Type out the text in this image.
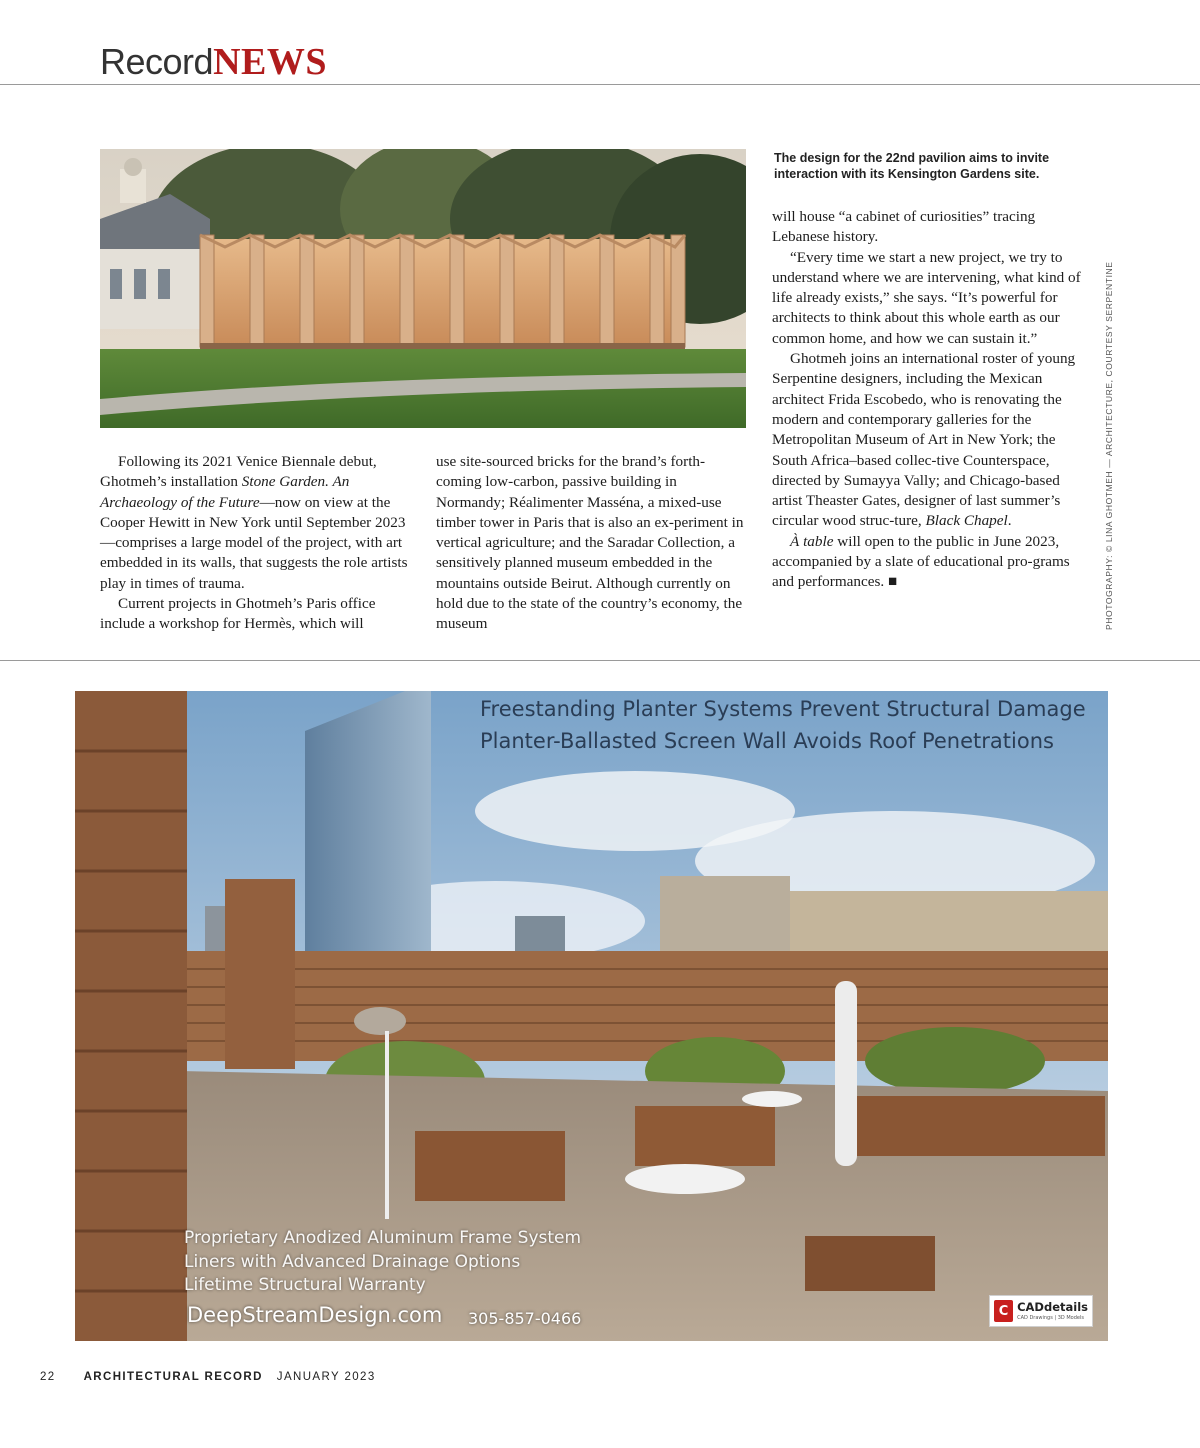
RecordNEWS
The design for the 22nd pavilion aims to invite interaction with its Kensington Gardens site.
PHOTOGRAPHY: © LINA GHOTMEH — ARCHITECTURE, COURTESY SERPENTINE

Following its 2021 Venice Biennale debut, Ghotmeh’s installation Stone Garden. An Archaeology of the Future—now on view at the Cooper Hewitt in New York until September 2023—comprises a large model of the project, with art embedded in its walls, that suggests the role artists play in times of trauma.

Current projects in Ghotmeh’s Paris office include a workshop for Hermès, which will

use site-sourced bricks for the brand’s forth-coming low-carbon, passive building in Normandy; Réalimenter Masséna, a mixed-use timber tower in Paris that is also an ex-periment in vertical agriculture; and the Saradar Collection, a sensitively planned museum embedded in the mountains outside Beirut. Although currently on hold due to the state of the country’s economy, the museum

will house “a cabinet of curiosities” tracing Lebanese history.

“Every time we start a new project, we try to understand where we are intervening, what kind of life already exists,” she says. “It’s powerful for architects to think about this whole earth as our common home, and how we can sustain it.”

Ghotmeh joins an international roster of young Serpentine designers, including the Mexican architect Frida Escobedo, who is renovating the modern and contemporary galleries for the Metropolitan Museum of Art in New York; the South Africa–based collec-tive Counterspace, directed by Sumayya Vally; and Chicago-based artist Theaster Gates, designer of last summer’s circular wood struc-ture, Black Chapel.

À table will open to the public in June 2023, accompanied by a slate of educational pro-grams and performances. ■

Freestanding Planter Systems Prevent Structural Damage
Planter-Ballasted Screen Wall Avoids Roof Penetrations
Proprietary Anodized Aluminum Frame System
Liners with Advanced Drainage Options
Lifetime Structural Warranty
DeepStreamDesign.com 305-857-0466	C CADdetails
CAD Drawings | 3D Models
22 ARCHITECTURAL RECORD JANUARY 2023
